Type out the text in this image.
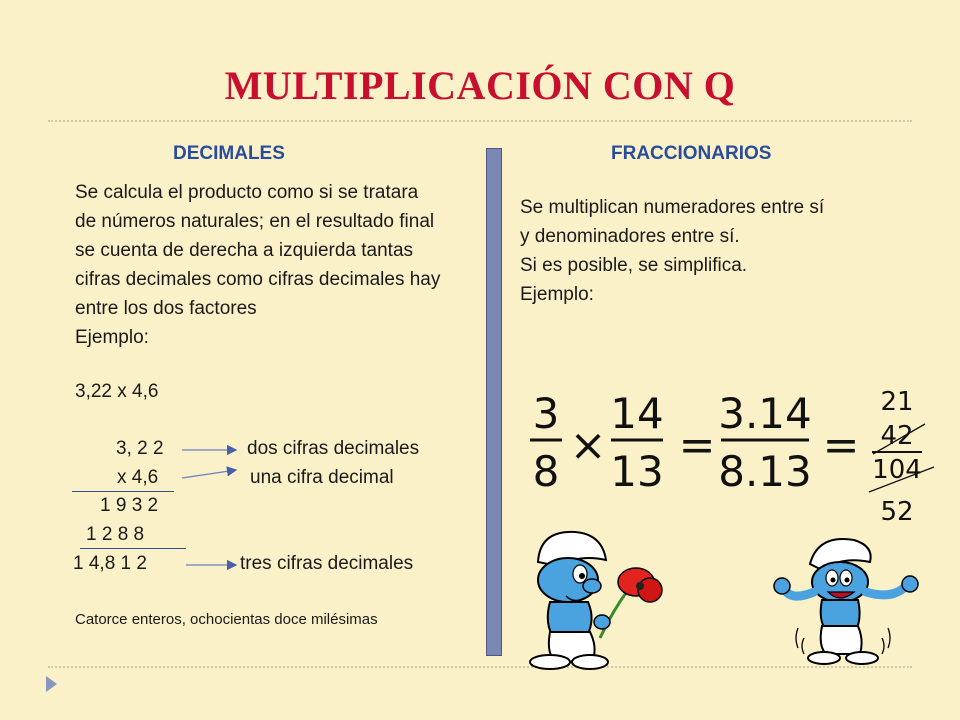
MULTIPLICACIÓN CON Q
DECIMALES	FRACCIONARIOS
Se calcula el producto como si se tratara
de números naturales; en el resultado final
se cuenta de derecha a izquierda tantas
cifras decimales como cifras decimales hay
entre los dos factores
Ejemplo:
3,22 x 4,6
3, 2 2
x 4,6
1 9 3 2
1 2 8 8
1 4,8 1 2
dos cifras decimales
una cifra decimal
tres cifras decimales
Catorce enteros, ochocientas doce milésimas
Se multiplican numeradores entre sí
y denominadores entre sí.
Si es posible, se simplifica.
Ejemplo:
3
8
×
14
13
=
3.14
8.13
=
21
42
104
52
